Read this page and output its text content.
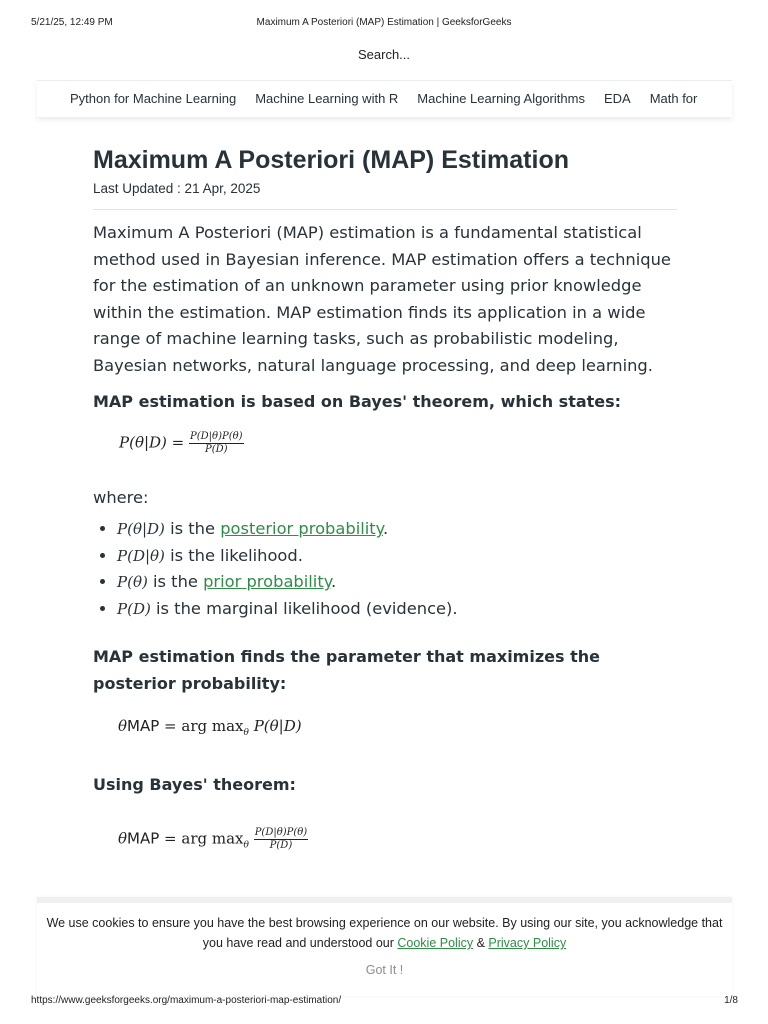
5/21/25, 12:49 PM	Maximum A Posteriori (MAP) Estimation | GeeksforGeeks
Search...
Python for Machine Learning Machine Learning with R Machine Learning Algorithms EDA Math for
Maximum A Posteriori (MAP) Estimation
Last Updated : 21 Apr, 2025

Maximum A Posteriori (MAP) estimation is a fundamental statistical method used in Bayesian inference. MAP estimation offers a technique for the estimation of an unknown parameter using prior knowledge within the estimation. MAP estimation finds its application in a wide range of machine learning tasks, such as probabilistic modeling, Bayesian networks, natural language processing, and deep learning.

MAP estimation is based on Bayes' theorem, which states:

$P(\theta|D) = \frac{P(D|\theta)P(\theta)}{P(D)}$

where:

• P(θ|D) is the posterior probability.
• P(D|θ) is the likelihood.
• P(θ) is the prior probability.
• P(D) is the marginal likelihood (evidence).

MAP estimation finds the parameter that maximizes the posterior probability:

θMAP = arg $\max_\theta P(\theta|D)$

Using Bayes' theorem:

θMAP = arg $\max_\theta \frac{P(D|\theta)P(\theta)}{P(D)}$
We use cookies to ensure you have the best browsing experience on our website. By using our site, you acknowledge that you have read and understood our Cookie Policy & Privacy Policy
Got It !
https://www.geeksforgeeks.org/maximum-a-posteriori-map-estimation/	1/8
